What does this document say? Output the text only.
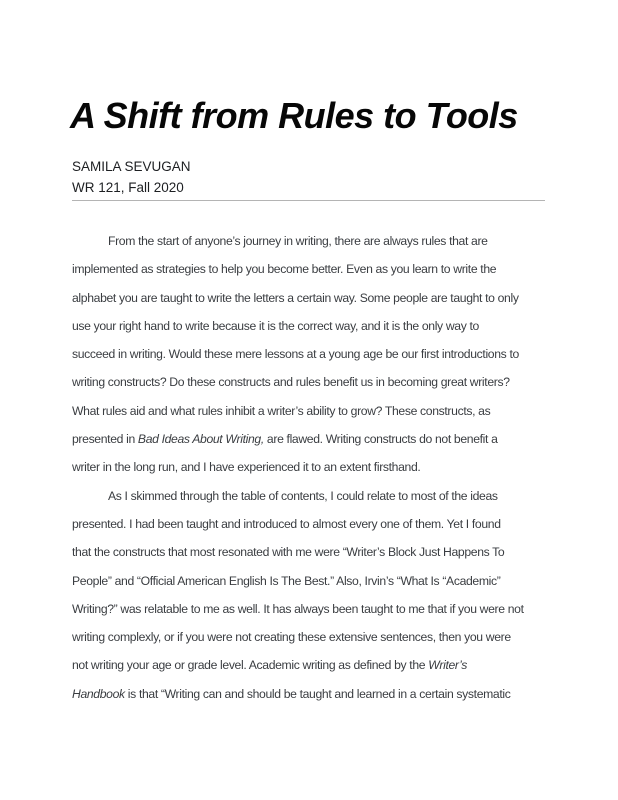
A Shift from Rules to Tools
SAMILA SEVUGAN
WR 121, Fall 2020
From the start of anyone’s journey in writing, there are always rules that are
implemented as strategies to help you become better. Even as you learn to write the
alphabet you are taught to write the letters a certain way. Some people are taught to only
use your right hand to write because it is the correct way, and it is the only way to
succeed in writing. Would these mere lessons at a young age be our first introductions to
writing constructs? Do these constructs and rules benefit us in becoming great writers?
What rules aid and what rules inhibit a writer’s ability to grow? These constructs, as
presented in Bad Ideas About Writing, are flawed. Writing constructs do not benefit a
writer in the long run, and I have experienced it to an extent firsthand.
As I skimmed through the table of contents, I could relate to most of the ideas
presented. I had been taught and introduced to almost every one of them. Yet I found
that the constructs that most resonated with me were “Writer’s Block Just Happens To
People” and “Official American English Is The Best.” Also, Irvin’s “What Is “Academic”
Writing?” was relatable to me as well. It has always been taught to me that if you were not
writing complexly, or if you were not creating these extensive sentences, then you were
not writing your age or grade level. Academic writing as defined by the Writer’s
Handbook is that “Writing can and should be taught and learned in a certain systematic
